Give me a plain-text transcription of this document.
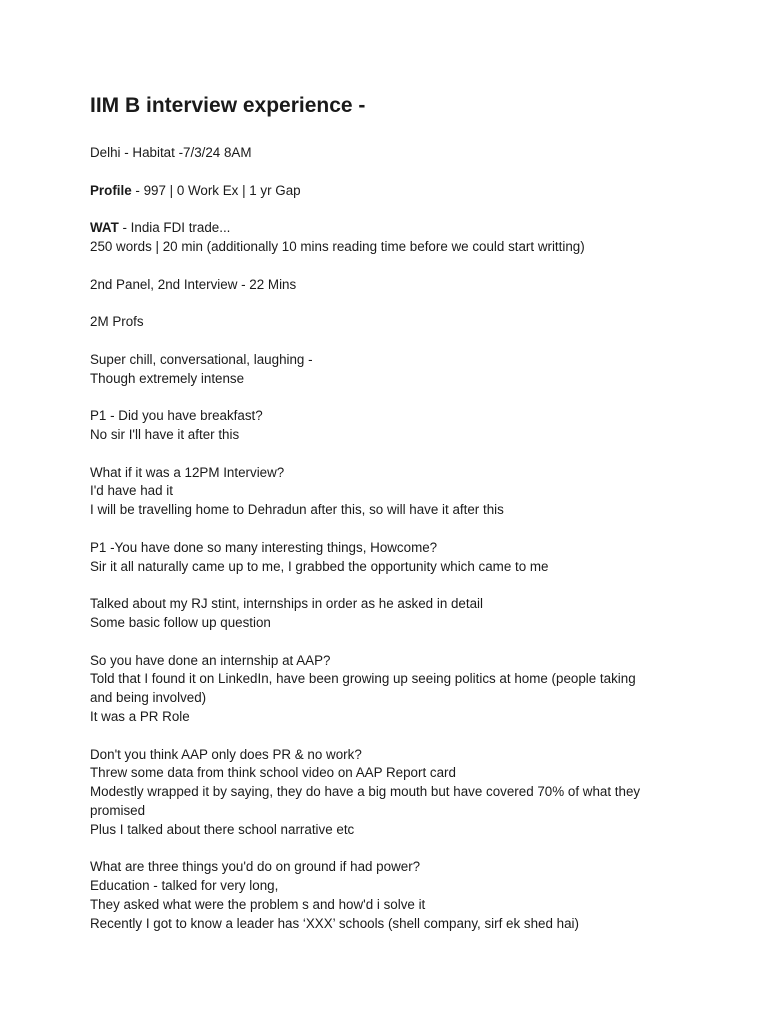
IIM B interview experience -
Delhi - Habitat -7/3/24 8AM
Profile - 997 | 0 Work Ex | 1 yr Gap
WAT - India FDI trade...
250 words | 20 min (additionally 10 mins reading time before we could start writting)
2nd Panel, 2nd Interview - 22 Mins
2M Profs
Super chill, conversational, laughing -
Though extremely intense
P1 - Did you have breakfast?
No sir I'll have it after this
What if it was a 12PM Interview?
I'd have had it
I will be travelling home to Dehradun after this, so will have it after this
P1 -You have done so many interesting things, Howcome?
Sir it all naturally came up to me, I grabbed the opportunity which came to me
Talked about my RJ stint, internships in order as he asked in detail
Some basic follow up question
So you have done an internship at AAP?
Told that I found it on LinkedIn, have been growing up seeing politics at home (people taking
and being involved)
It was a PR Role
Don't you think AAP only does PR & no work?
Threw some data from think school video on AAP Report card
Modestly wrapped it by saying, they do have a big mouth but have covered 70% of what they
promised
Plus I talked about there school narrative etc
What are three things you'd do on ground if had power?
Education - talked for very long,
They asked what were the problem s and how'd i solve it
Recently I got to know a leader has ‘XXX’ schools (shell company, sirf ek shed hai)
